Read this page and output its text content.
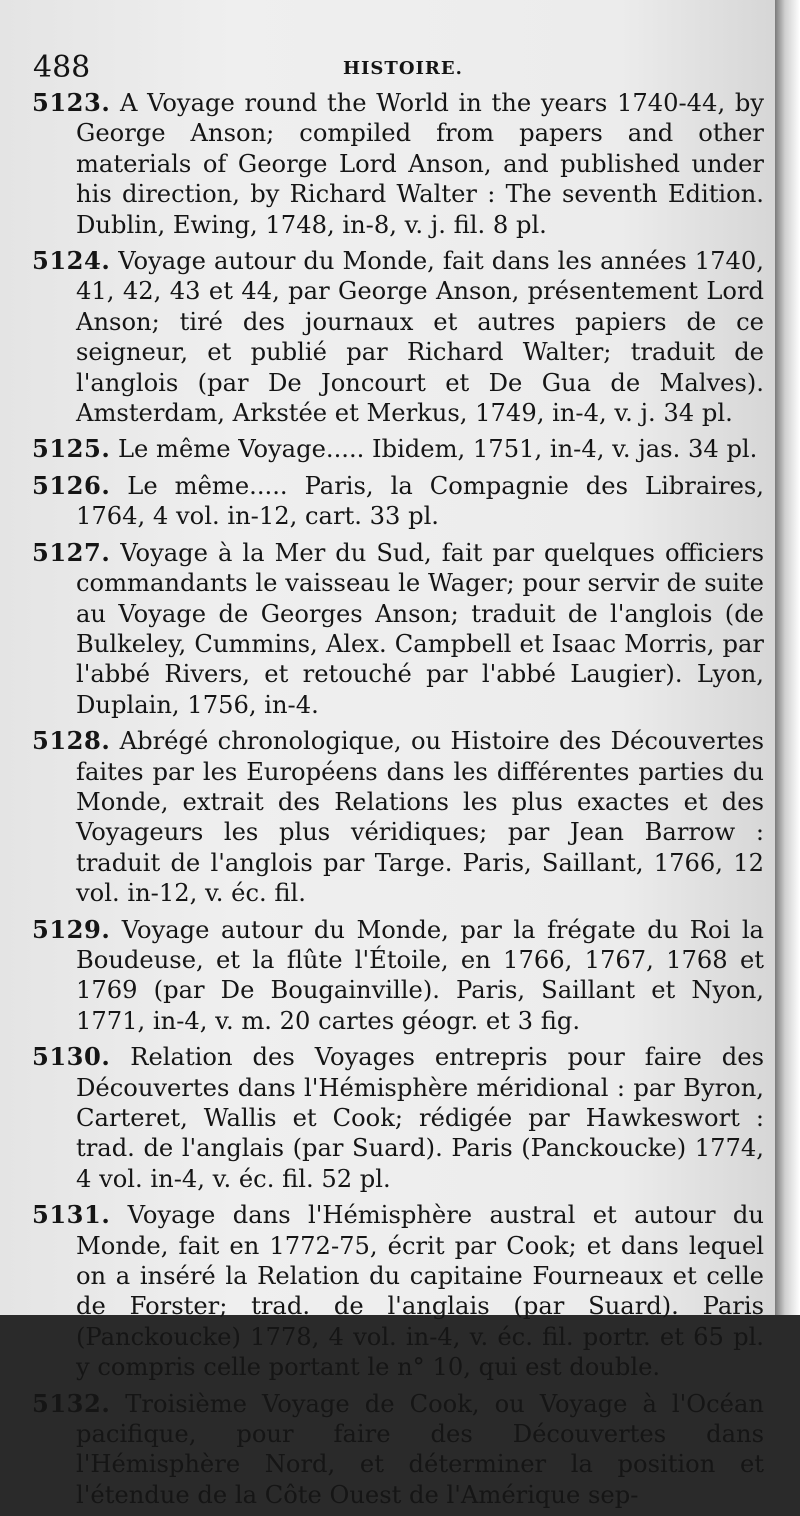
488	HISTOIRE.

5123. A Voyage round the World in the years 1740-44, by George Anson; compiled from papers and other materials of George Lord Anson, and published under his direction, by Richard Walter : The seventh Edition. Dublin, Ewing, 1748, in-8, v. j. fil. 8 pl.

5124. Voyage autour du Monde, fait dans les années 1740, 41, 42, 43 et 44, par George Anson, présentement Lord Anson; tiré des journaux et autres papiers de ce seigneur, et publié par Richard Walter; traduit de l'anglois (par De Joncourt et De Gua de Malves). Amsterdam, Arkstée et Merkus, 1749, in-4, v. j. 34 pl.

5125. Le même Voyage..... Ibidem, 1751, in-4, v. jas. 34 pl.

5126. Le même..... Paris, la Compagnie des Libraires, 1764, 4 vol. in-12, cart. 33 pl.

5127. Voyage à la Mer du Sud, fait par quelques officiers commandants le vaisseau le Wager; pour servir de suite au Voyage de Georges Anson; traduit de l'anglois (de Bulkeley, Cummins, Alex. Campbell et Isaac Morris, par l'abbé Rivers, et retouché par l'abbé Laugier). Lyon, Duplain, 1756, in-4.

5128. Abrégé chronologique, ou Histoire des Découvertes faites par les Européens dans les différentes parties du Monde, extrait des Relations les plus exactes et des Voyageurs les plus véridiques; par Jean Barrow : traduit de l'anglois par Targe. Paris, Saillant, 1766, 12 vol. in-12, v. éc. fil.

5129. Voyage autour du Monde, par la frégate du Roi la Boudeuse, et la flûte l'Étoile, en 1766, 1767, 1768 et 1769 (par De Bougainville). Paris, Saillant et Nyon, 1771, in-4, v. m. 20 cartes géogr. et 3 fig.

5130. Relation des Voyages entrepris pour faire des Découvertes dans l'Hémisphère méridional : par Byron, Carteret, Wallis et Cook; rédigée par Hawkeswort : trad. de l'anglais (par Suard). Paris (Panckoucke) 1774, 4 vol. in-4, v. éc. fil. 52 pl.

5131. Voyage dans l'Hémisphère austral et autour du Monde, fait en 1772-75, écrit par Cook; et dans lequel on a inséré la Relation du capitaine Fourneaux et celle de Forster; trad. de l'anglais (par Suard). Paris (Panckoucke) 1778, 4 vol. in-4, v. éc. fil. portr. et 65 pl. y compris celle portant le n° 10, qui est double.

5132. Troisième Voyage de Cook, ou Voyage à l'Océan pacifique, pour faire des Découvertes dans l'Hémisphère Nord, et déterminer la position et l'étendue de la Côte Ouest de l'Amérique sep-
